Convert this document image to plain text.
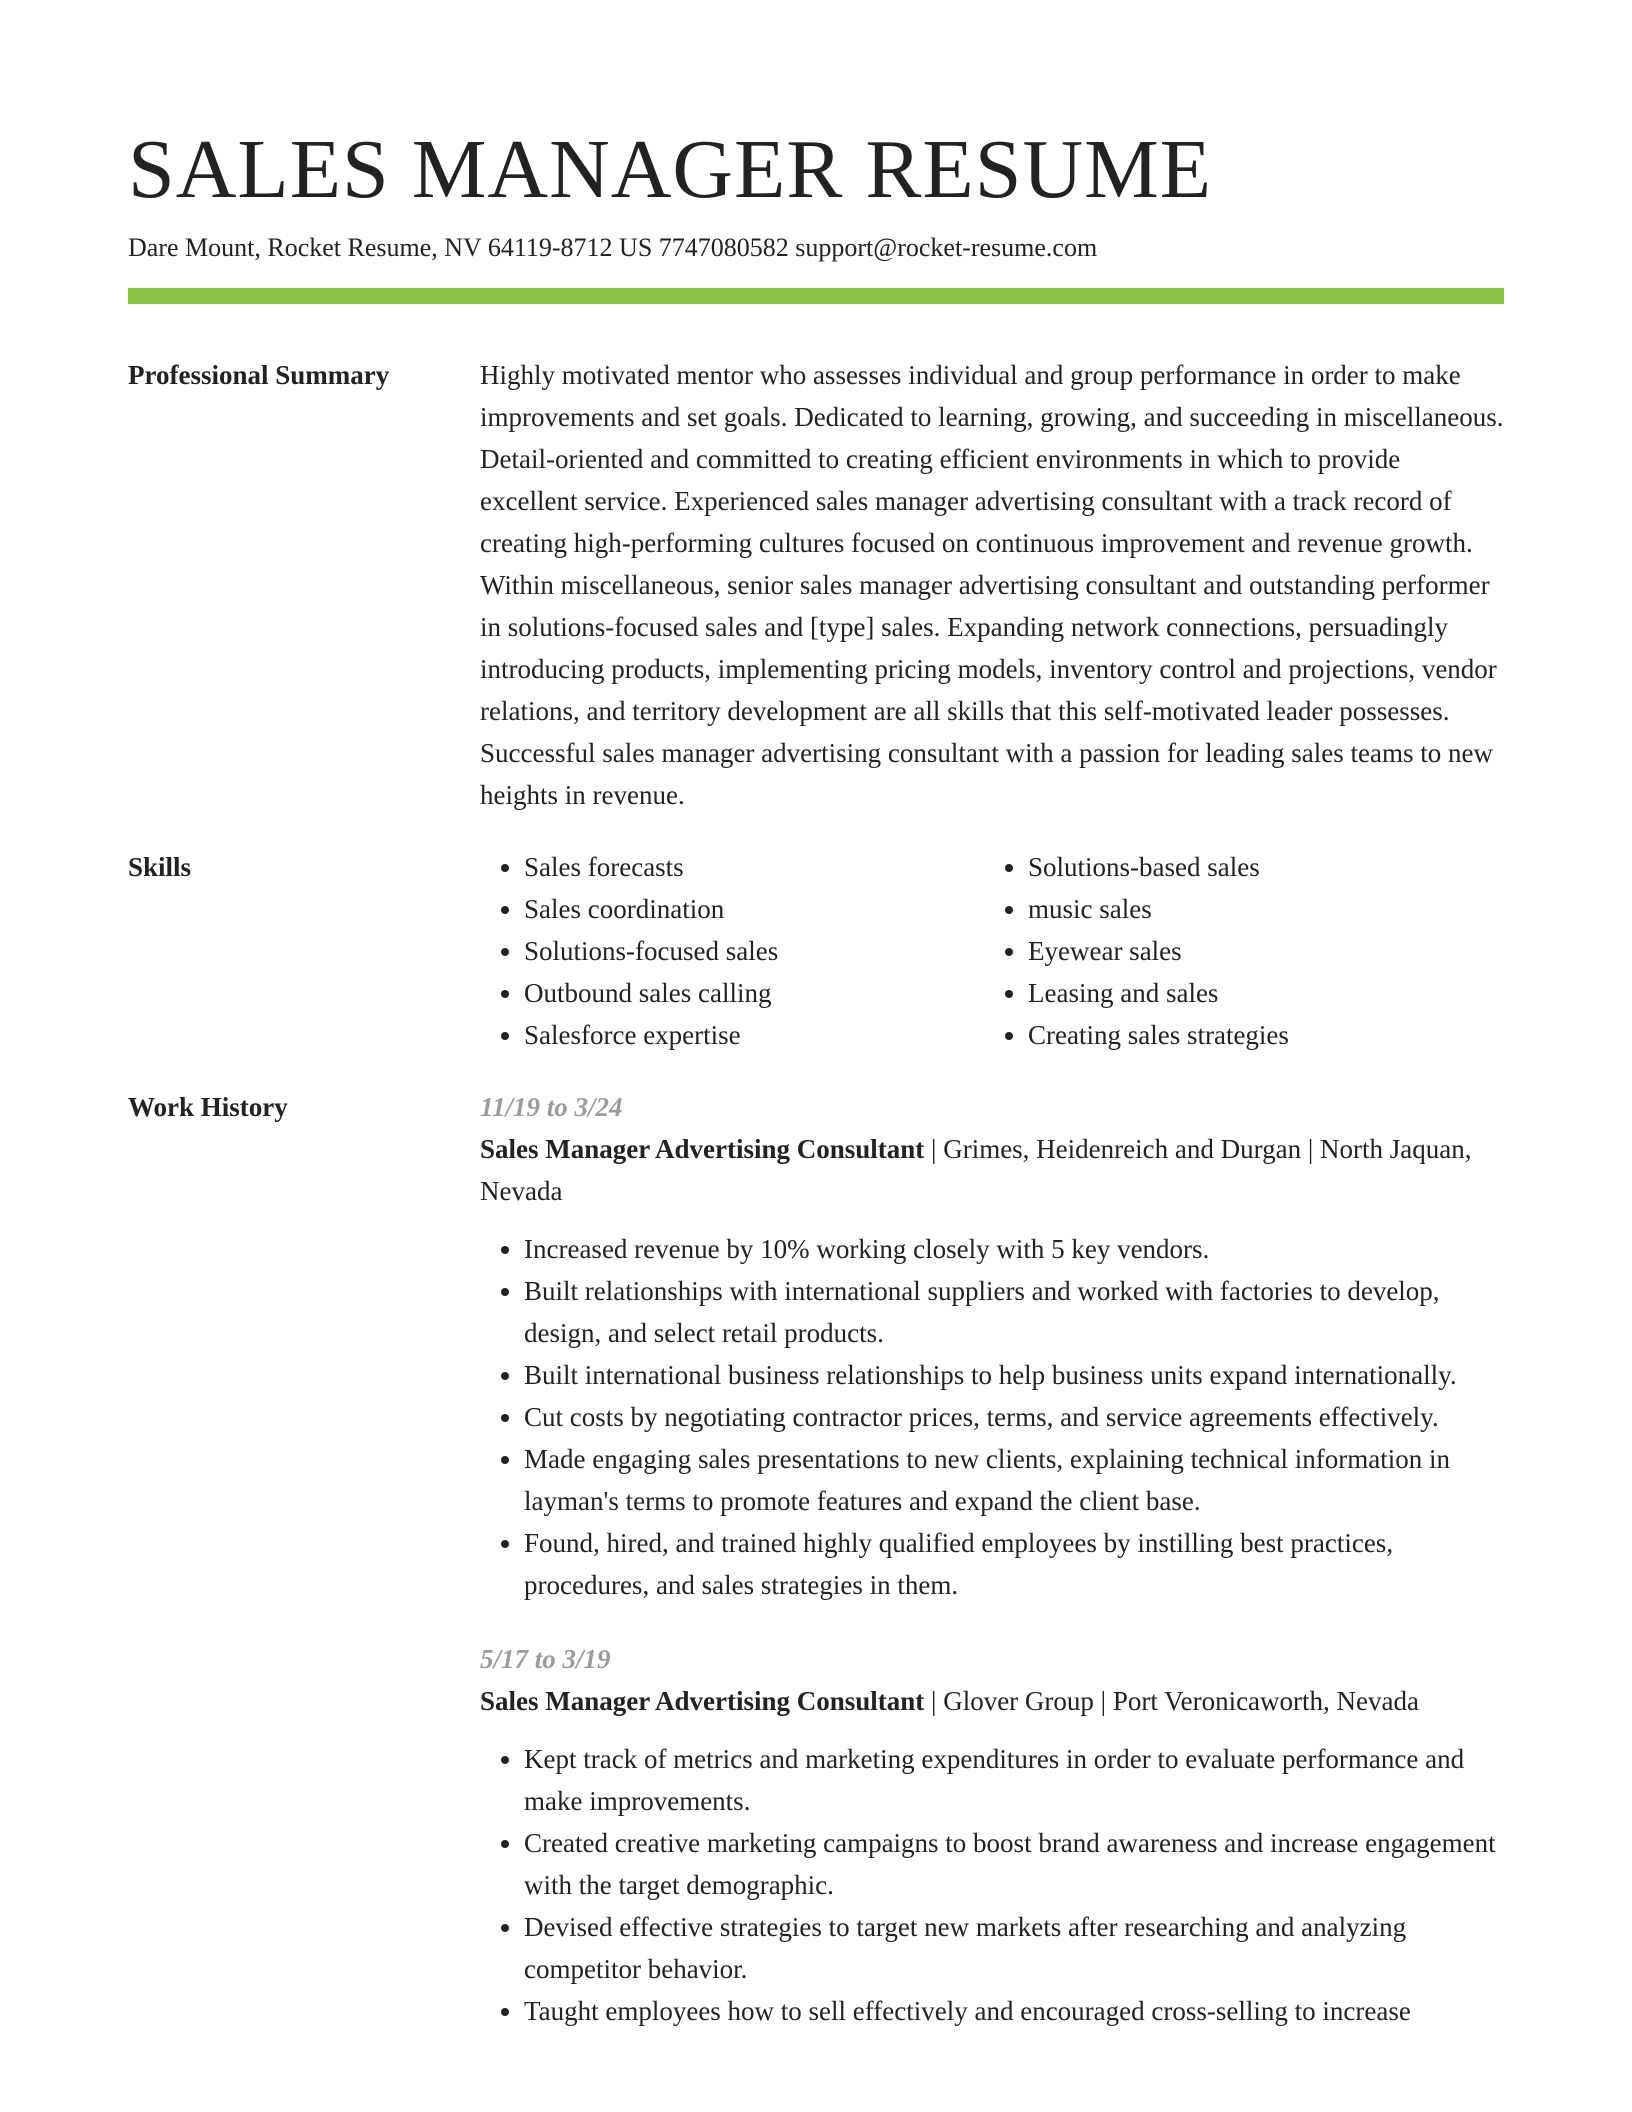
SALES MANAGER RESUME
Dare Mount, Rocket Resume, NV 64119-8712 US 7747080582 support@rocket-resume.com
Professional Summary	Highly motivated mentor who assesses individual and group performance in order to make improvements and set goals. Dedicated to learning, growing, and succeeding in miscellaneous. Detail-oriented and committed to creating efficient environments in which to provide excellent service. Experienced sales manager advertising consultant with a track record of creating high-performing cultures focused on continuous improvement and revenue growth. Within miscellaneous, senior sales manager advertising consultant and outstanding performer in solutions-focused sales and [type] sales. Expanding network connections, persuadingly introducing products, implementing pricing models, inventory control and projections, vendor relations, and territory development are all skills that this self-motivated leader possesses. Successful sales manager advertising consultant with a passion for leading sales teams to new heights in revenue.
Skills
•	Sales forecasts
• Sales coordination
• Solutions-focused sales
• Outbound sales calling
• Salesforce expertise
• Solutions-based sales
• music sales
• Eyewear sales
• Leasing and sales
• Creating sales strategies
Work History	11/19 to 3/24
Sales Manager Advertising Consultant | Grimes, Heidenreich and Durgan | North Jaquan, Nevada
• Increased revenue by 10% working closely with 5 key vendors.
• Built relationships with international suppliers and worked with factories to develop, design, and select retail products.
• Built international business relationships to help business units expand internationally.
• Cut costs by negotiating contractor prices, terms, and service agreements effectively.
• Made engaging sales presentations to new clients, explaining technical information in layman's terms to promote features and expand the client base.
• Found, hired, and trained highly qualified employees by instilling best practices, procedures, and sales strategies in them.
5/17 to 3/19
Sales Manager Advertising Consultant | Glover Group | Port Veronicaworth, Nevada
• Kept track of metrics and marketing expenditures in order to evaluate performance and make improvements.
• Created creative marketing campaigns to boost brand awareness and increase engagement with the target demographic.
• Devised effective strategies to target new markets after researching and analyzing competitor behavior.
• Taught employees how to sell effectively and encouraged cross-selling to increase
